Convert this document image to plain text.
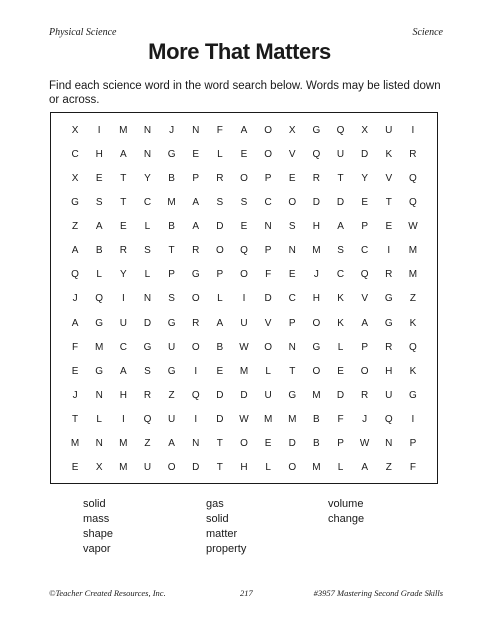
Physical Science	Science
More That Matters
Find each science word in the word search below. Words may be listed down or across.
X	I	M	N	J	N	F	A	O	X	G	Q	X	U	I
C	H	A	N	G	E	L	E	O	V	Q	U	D	K	R
X	E	T	Y	B	P	R	O	P	E	R	T	Y	V	Q
G	S	T	C	M	A	S	S	C	O	D	D	E	T	Q
Z	A	E	L	B	A	D	E	N	S	H	A	P	E	W
A	B	R	S	T	R	O	Q	P	N	M	S	C	I	M
Q	L	Y	L	P	G	P	O	F	E	J	C	Q	R	M
J	Q	I	N	S	O	L	I	D	C	H	K	V	G	Z
A	G	U	D	G	R	A	U	V	P	O	K	A	G	K
F	M	C	G	U	O	B	W	O	N	G	L	P	R	Q
E	G	A	S	G	I	E	M	L	T	O	E	O	H	K
J	N	H	R	Z	Q	D	D	U	G	M	D	R	U	G
T	L	I	Q	U	I	D	W	M	M	B	F	J	Q	I
M	N	M	Z	A	N	T	O	E	D	B	P	W	N	P
E	X	M	U	O	D	T	H	L	O	M	L	A	Z	F
solid
mass
shape
vapor
gas
solid
matter
property
volume
change
©Teacher Created Resources, Inc.	217	#3957 Mastering Second Grade Skills
